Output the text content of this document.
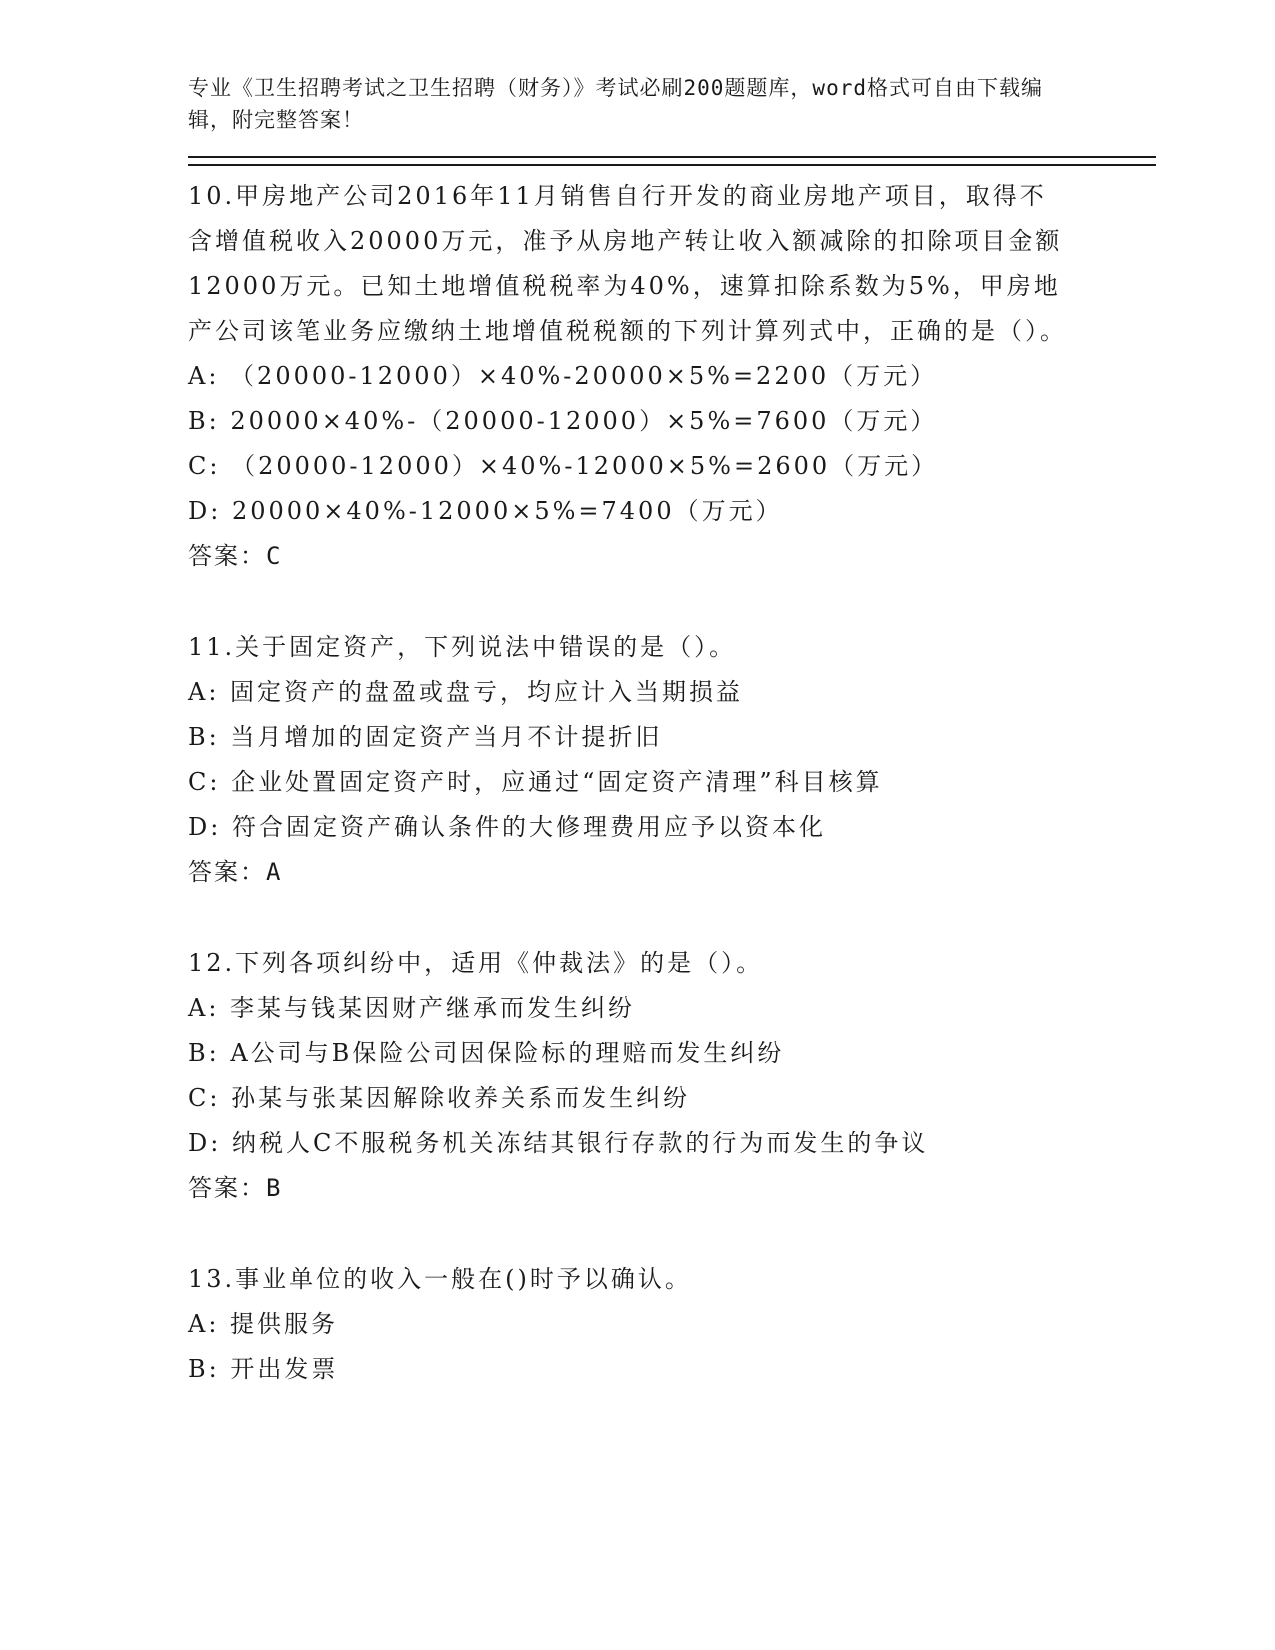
专业《卫生招聘考试之卫生招聘（财务）》考试必刷200题题库，word格式可自由下载编辑，附完整答案！
10.甲房地产公司2016年11月销售自行开发的商业房地产项目，取得不含增值税收入20000万元，准予从房地产转让收入额减除的扣除项目金额12000万元。已知土地增值税税率为40%，速算扣除系数为5%，甲房地产公司该笔业务应缴纳土地增值税税额的下列计算列式中，正确的是（）。
A: （20000-12000）×40%-20000×5%=2200（万元）
B: 20000×40%-（20000-12000）×5%=7600（万元）
C: （20000-12000）×40%-12000×5%=2600（万元）
D: 20000×40%-12000×5%=7400（万元）
答案：C
11.关于固定资产，下列说法中错误的是（）。
A: 固定资产的盘盈或盘亏，均应计入当期损益
B: 当月增加的固定资产当月不计提折旧
C: 企业处置固定资产时，应通过“固定资产清理”科目核算
D: 符合固定资产确认条件的大修理费用应予以资本化
答案：A
12.下列各项纠纷中，适用《仲裁法》的是（）。
A: 李某与钱某因财产继承而发生纠纷
B: A公司与B保险公司因保险标的理赔而发生纠纷
C: 孙某与张某因解除收养关系而发生纠纷
D: 纳税人C不服税务机关冻结其银行存款的行为而发生的争议
答案：B
13.事业单位的收入一般在()时予以确认。
A: 提供服务
B: 开出发票
